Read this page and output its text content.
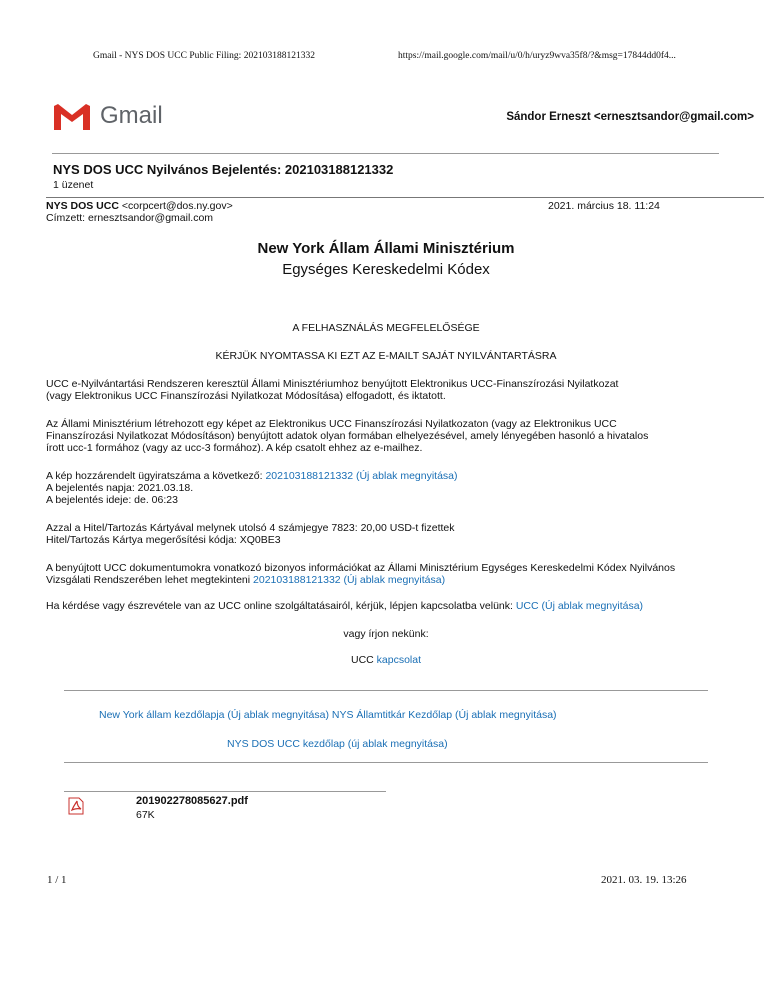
Gmail - NYS DOS UCC Public Filing: 202103188121332	https://mail.google.com/mail/u/0/h/uryz9wva35f8/?&msg=17844dd0f4...
Gmail	Sándor Erneszt <ernesztsandor@gmail.com>
NYS DOS UCC Nyilvános Bejelentés: 202103188121332
1 üzenet
NYS DOS UCC <corpcert@dos.ny.gov>	2021. március 18. 11:24
Címzett: ernesztsandor@gmail.com
New York Állam Állami Minisztérium
Egységes Kereskedelmi Kódex
A FELHASZNÁLÁS MEGFELELŐSÉGE
KÉRJÜK NYOMTASSA KI EZT AZ E-MAILT SAJÁT NYILVÁNTARTÁSRA
UCC e-Nyilvántartási Rendszeren keresztül Állami Minisztériumhoz benyújtott Elektronikus UCC-Finanszírozási Nyilatkozat
(vagy Elektronikus UCC Finanszírozási Nyilatkozat Módosítása) elfogadott, és iktatott.
Az Állami Minisztérium létrehozott egy képet az Elektronikus UCC Finanszírozási Nyilatkozaton (vagy az Elektronikus UCC
Finanszírozási Nyilatkozat Módosításon) benyújtott adatok olyan formában elhelyezésével, amely lényegében hasonló a hivatalos
írott ucc-1 formához (vagy az ucc-3 formához). A kép csatolt ehhez az e-mailhez.
A kép hozzárendelt ügyiratszáma a következő: 202103188121332 (Új ablak megnyitása)
A bejelentés napja: 2021.03.18.
A bejelentés ideje: de. 06:23
Azzal a Hitel/Tartozás Kártyával melynek utolsó 4 számjegye 7823: 20,00 USD-t fizettek
Hitel/Tartozás Kártya megerősítési kódja: XQ0BE3
A benyújtott UCC dokumentumokra vonatkozó bizonyos információkat az Állami Minisztérium Egységes Kereskedelmi Kódex Nyilvános
Vizsgálati Rendszerében lehet megtekinteni 202103188121332 (Új ablak megnyitása)
Ha kérdése vagy észrevétele van az UCC online szolgáltatásairól, kérjük, lépjen kapcsolatba velünk: UCC (Új ablak megnyitása)
vagy írjon nekünk:
UCC kapcsolat
New York állam kezdőlapja (Új ablak megnyitása) NYS Államtitkár Kezdőlap (Új ablak megnyitása)
NYS DOS UCC kezdőlap (új ablak megnyitása)
201902278085627.pdf
67K
1 / 1	2021. 03. 19. 13:26
